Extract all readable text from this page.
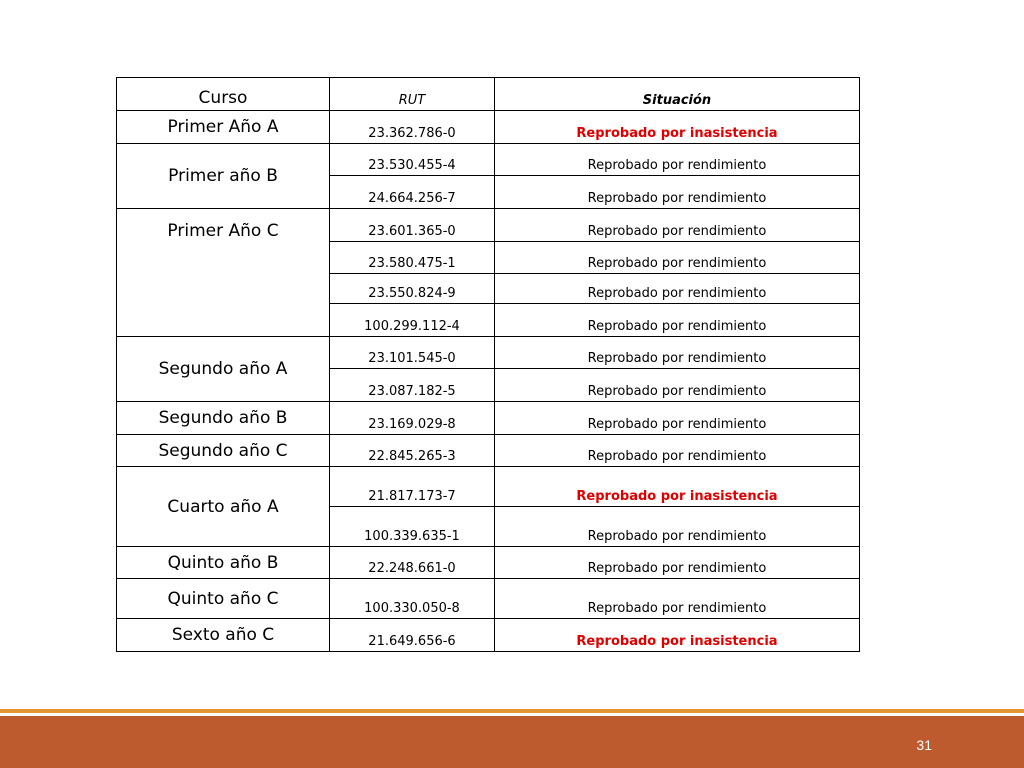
Curso	RUT	Situación
Primer Año A	23.362.786-0	Reprobado por inasistencia
Primer año B	23.530.455-4	Reprobado por rendimiento
	24.664.256-7	Reprobado por rendimiento
Primer Año C	23.601.365-0	Reprobado por rendimiento
	23.580.475-1	Reprobado por rendimiento
	23.550.824-9	Reprobado por rendimiento
	100.299.112-4	Reprobado por rendimiento
Segundo año A	23.101.545-0	Reprobado por rendimiento
	23.087.182-5	Reprobado por rendimiento
Segundo año B	23.169.029-8	Reprobado por rendimiento
Segundo año C	22.845.265-3	Reprobado por rendimiento
Cuarto año A	21.817.173-7	Reprobado por inasistencia
	100.339.635-1	Reprobado por rendimiento
Quinto año B	22.248.661-0	Reprobado por rendimiento
Quinto año C	100.330.050-8	Reprobado por rendimiento
Sexto año C	21.649.656-6	Reprobado por inasistencia
31
